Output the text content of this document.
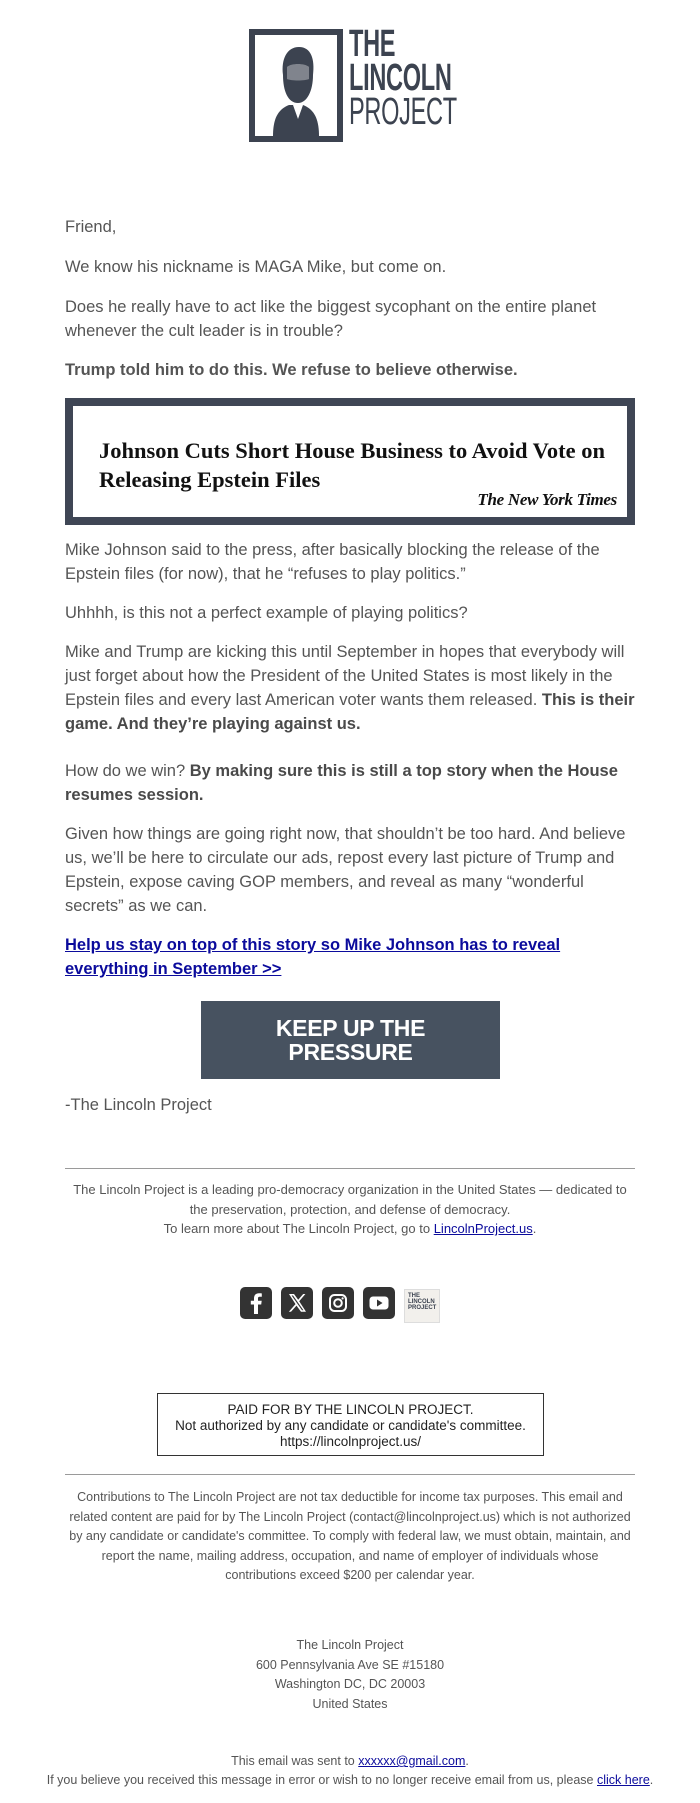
THE
LINCOLN
PROJECT

Friend,

We know his nickname is MAGA Mike, but come on.

Does he really have to act like the biggest sycophant on the entire planet whenever the cult leader is in trouble?

Trump told him to do this. We refuse to believe otherwise.

Johnson Cuts Short House Business to Avoid Vote on Releasing Epstein Files
The New York Times

Mike Johnson said to the press, after basically blocking the release of the Epstein files (for now), that he “refuses to play politics.”

Uhhhh, is this not a perfect example of playing politics?

Mike and Trump are kicking this until September in hopes that everybody will just forget about how the President of the United States is most likely in the Epstein files and every last American voter wants them released. This is their game. And they’re playing against us.

How do we win? By making sure this is still a top story when the House resumes session.

Given how things are going right now, that shouldn’t be too hard. And believe us, we’ll be here to circulate our ads, repost every last picture of Trump and Epstein, expose caving GOP members, and reveal as many “wonderful secrets” as we can.

Help us stay on top of this story so Mike Johnson has to reveal everything in September >>

KEEP UP THE
PRESSURE
-The Lincoln Project
The Lincoln Project is a leading pro-democracy organization in the United States — dedicated to the preservation, protection, and defense of democracy.
To learn more about The Lincoln Project, go to LincolnProject.us.
THE
LINCOLN
PROJECT
PAID FOR BY THE LINCOLN PROJECT.
Not authorized by any candidate or candidate's committee.
https://lincolnproject.us/
Contributions to The Lincoln Project are not tax deductible for income tax purposes. This email and related content are paid for by The Lincoln Project (contact@lincolnproject.us) which is not authorized by any candidate or candidate's committee. To comply with federal law, we must obtain, maintain, and report the name, mailing address, occupation, and name of employer of individuals whose contributions exceed $200 per calendar year.
The Lincoln Project
600 Pennsylvania Ave SE #15180
Washington DC, DC 20003
United States
This email was sent to xxxxxx@gmail.com.
If you believe you received this message in error or wish to no longer receive email from us, please click here.
